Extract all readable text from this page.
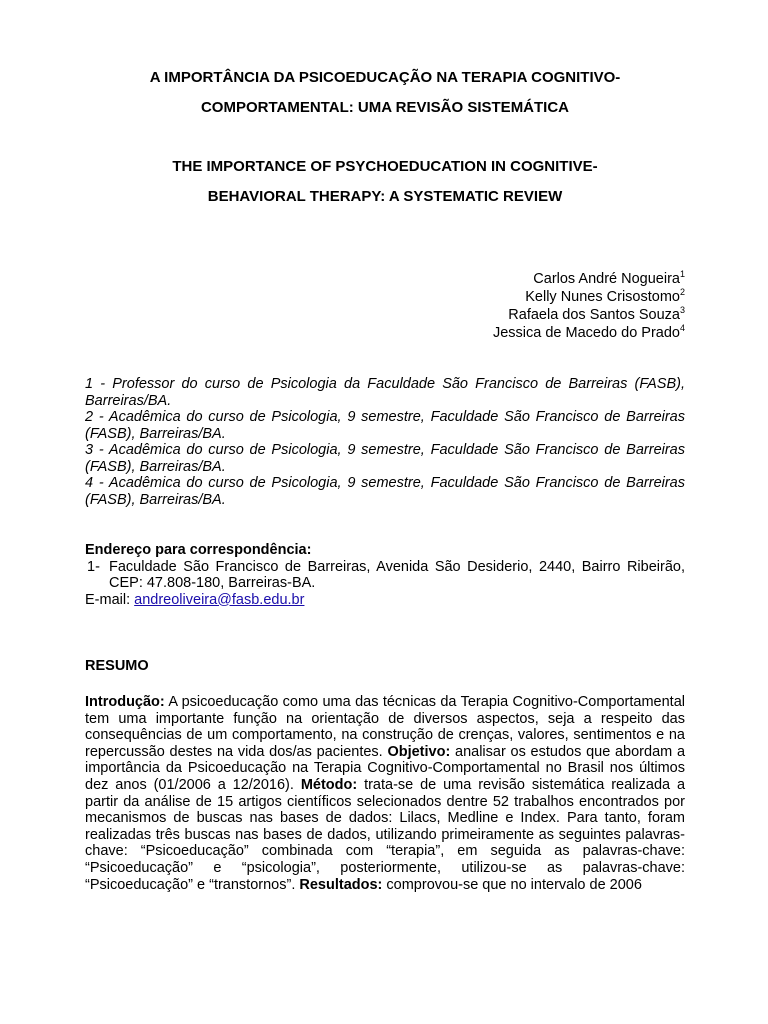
A IMPORTÂNCIA DA PSICOEDUCAÇÃO NA TERAPIA COGNITIVO-
COMPORTAMENTAL: UMA REVISÃO SISTEMÁTICA
THE IMPORTANCE OF PSYCHOEDUCATION IN COGNITIVE-
BEHAVIORAL THERAPY: A SYSTEMATIC REVIEW
Carlos André Nogueira$^1$
Kelly Nunes Crisostomo$^2$
Rafaela dos Santos Souza$^3$
Jessica de Macedo do Prado$^4$

1 - Professor do curso de Psicologia da Faculdade São Francisco de Barreiras (FASB), Barreiras/BA.

2 - Acadêmica do curso de Psicologia, 9 semestre, Faculdade São Francisco de Barreiras (FASB), Barreiras/BA.

3 - Acadêmica do curso de Psicologia, 9 semestre, Faculdade São Francisco de Barreiras (FASB), Barreiras/BA.

4 - Acadêmica do curso de Psicologia, 9 semestre, Faculdade São Francisco de Barreiras (FASB), Barreiras/BA.

Endereço para correspondência:

1- Faculdade São Francisco de Barreiras, Avenida São Desiderio, 2440, Bairro Ribeirão, CEP: 47.808-180, Barreiras-BA.

E-mail: andreoliveira@fasb.edu.br

RESUMO

Introdução: A psicoeducação como uma das técnicas da Terapia Cognitivo-Comportamental tem uma importante função na orientação de diversos aspectos, seja a respeito das consequências de um comportamento, na construção de crenças, valores, sentimentos e na repercussão destes na vida dos/as pacientes. Objetivo: analisar os estudos que abordam a importância da Psicoeducação na Terapia Cognitivo-Comportamental no Brasil nos últimos dez anos (01/2006 a 12/2016). Método: trata-se de uma revisão sistemática realizada a partir da análise de 15 artigos científicos selecionados dentre 52 trabalhos encontrados por mecanismos de buscas nas bases de dados: Lilacs, Medline e Index. Para tanto, foram realizadas três buscas nas bases de dados, utilizando primeiramente as seguintes palavras-chave: “Psicoeducação” combinada com “terapia”, em seguida as palavras-chave: “Psicoeducação” e “psicologia”, posteriormente, utilizou-se as palavras-chave: “Psicoeducação” e “transtornos”. Resultados: comprovou-se que no intervalo de 2006
